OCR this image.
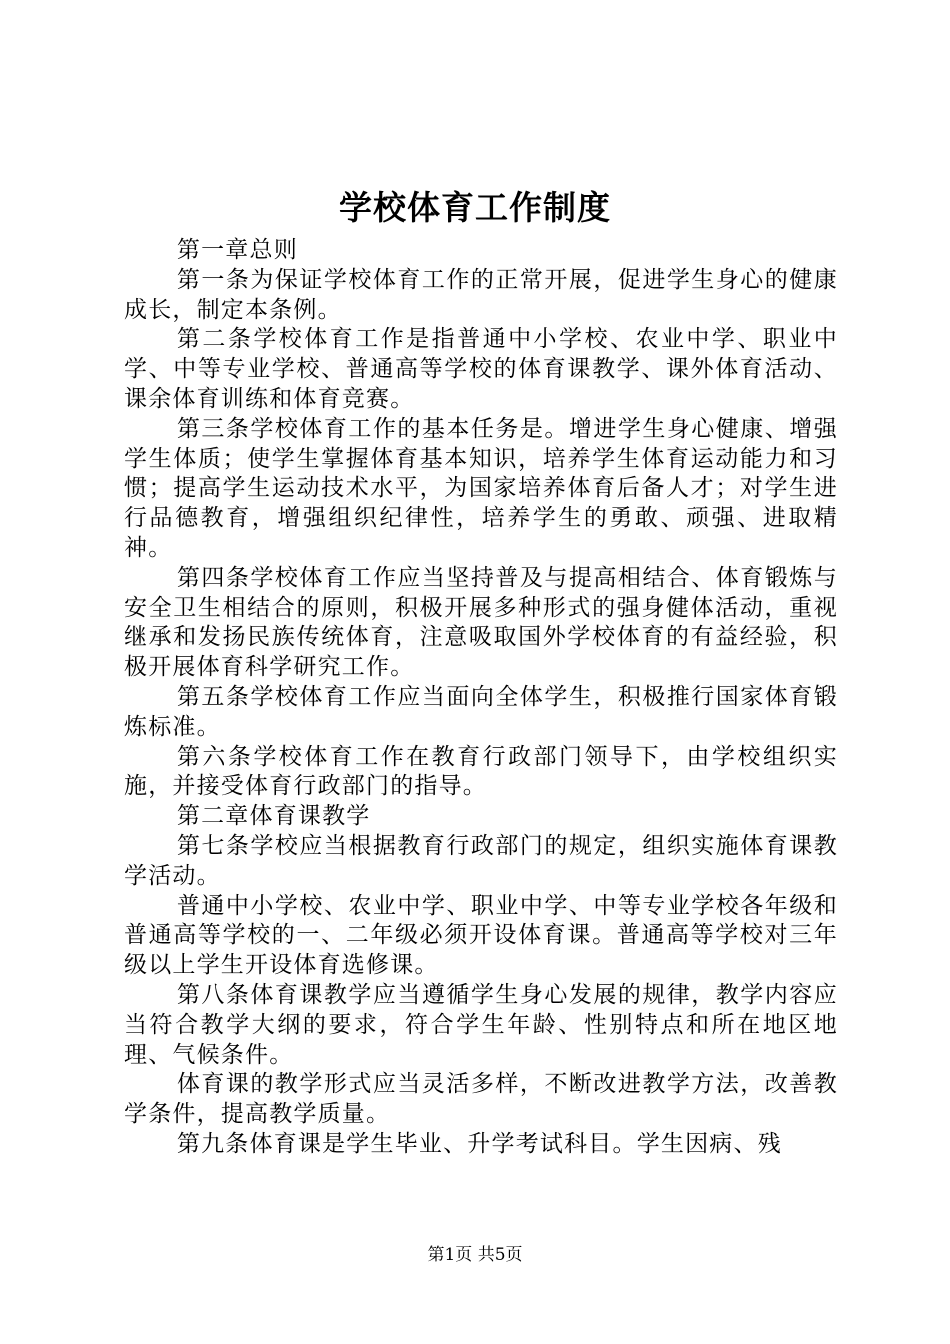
学校体育工作制度

第一章总则

第一条为保证学校体育工作的正常开展，促进学生身心的健康成长，制定本条例。

第二条学校体育工作是指普通中小学校、农业中学、职业中学、中等专业学校、普通高等学校的体育课教学、课外体育活动、课余体育训练和体育竞赛。

第三条学校体育工作的基本任务是。增进学生身心健康、增强学生体质；使学生掌握体育基本知识，培养学生体育运动能力和习惯；提高学生运动技术水平，为国家培养体育后备人才；对学生进行品德教育，增强组织纪律性，培养学生的勇敢、顽强、进取精神。

第四条学校体育工作应当坚持普及与提高相结合、体育锻炼与安全卫生相结合的原则，积极开展多种形式的强身健体活动，重视继承和发扬民族传统体育，注意吸取国外学校体育的有益经验，积极开展体育科学研究工作。

第五条学校体育工作应当面向全体学生，积极推行国家体育锻炼标准。

第六条学校体育工作在教育行政部门领导下，由学校组织实施，并接受体育行政部门的指导。

第二章体育课教学

第七条学校应当根据教育行政部门的规定，组织实施体育课教学活动。

普通中小学校、农业中学、职业中学、中等专业学校各年级和普通高等学校的一、二年级必须开设体育课。普通高等学校对三年级以上学生开设体育选修课。

第八条体育课教学应当遵循学生身心发展的规律，教学内容应当符合教学大纲的要求，符合学生年龄、性别特点和所在地区地理、气候条件。

体育课的教学形式应当灵活多样，不断改进教学方法，改善教学条件，提高教学质量。

第九条体育课是学生毕业、升学考试科目。学生因病、残

第1页 共5页
